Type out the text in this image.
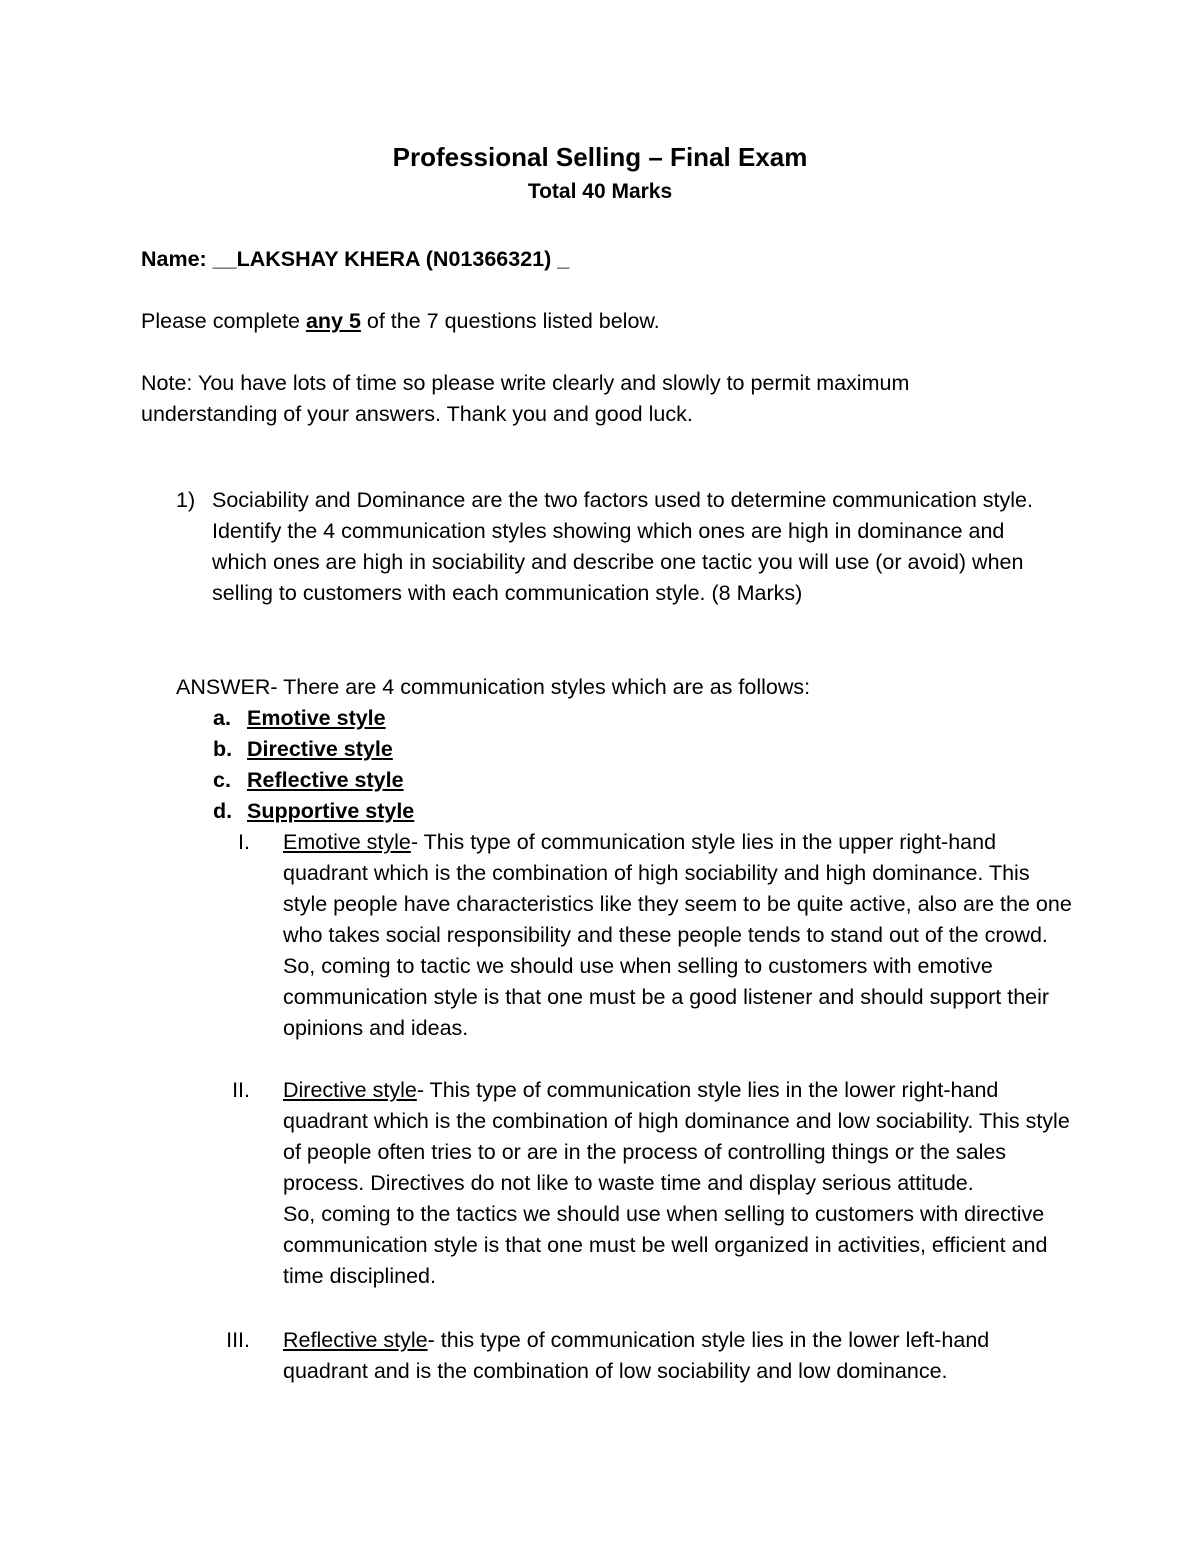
Professional Selling – Final Exam
Total 40 Marks
Name: __LAKSHAY KHERA (N01366321) _
Please complete any 5 of the 7 questions listed below.
Note: You have lots of time so please write clearly and slowly to permit maximum understanding of your answers. Thank you and good luck.
1) Sociability and Dominance are the two factors used to determine communication style. Identify the 4 communication styles showing which ones are high in dominance and which ones are high in sociability and describe one tactic you will use (or avoid) when selling to customers with each communication style. (8 Marks)
ANSWER- There are 4 communication styles which are as follows:
a. Emotive style
b. Directive style
c. Reflective style
d. Supportive style
I. Emotive style- This type of communication style lies in the upper right-hand quadrant which is the combination of high sociability and high dominance. This style people have characteristics like they seem to be quite active, also are the one who takes social responsibility and these people tends to stand out of the crowd.
So, coming to tactic we should use when selling to customers with emotive communication style is that one must be a good listener and should support their opinions and ideas.
II. Directive style- This type of communication style lies in the lower right-hand quadrant which is the combination of high dominance and low sociability. This style of people often tries to or are in the process of controlling things or the sales process. Directives do not like to waste time and display serious attitude.
So, coming to the tactics we should use when selling to customers with directive communication style is that one must be well organized in activities, efficient and time disciplined.
III. Reflective style- this type of communication style lies in the lower left-hand quadrant and is the combination of low sociability and low dominance.
